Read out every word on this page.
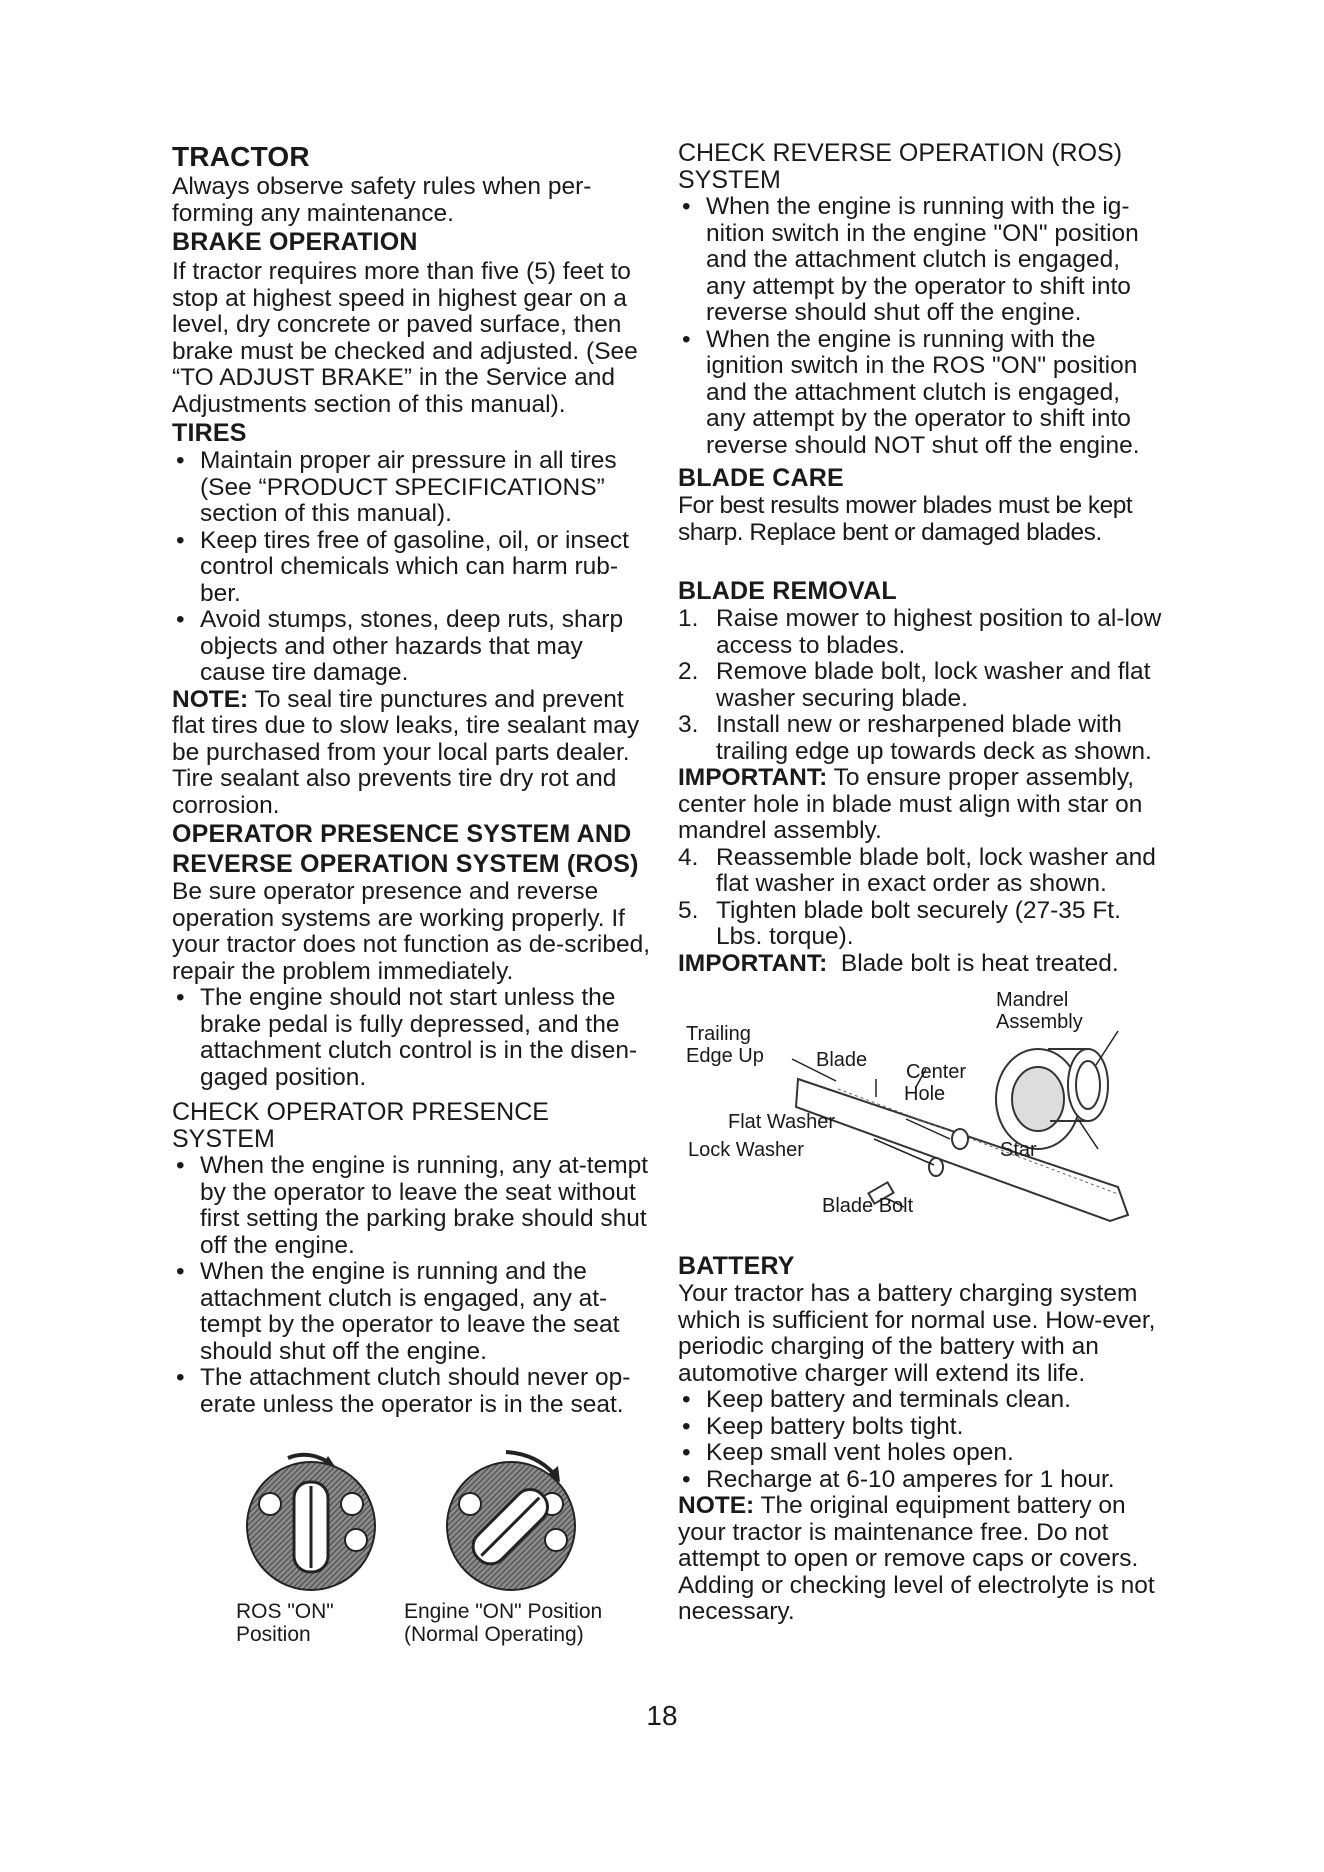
TRACTOR

Always observe safety rules when per-forming any maintenance.

BRAKE OPERATION

If tractor requires more than five (5) feet to stop at highest speed in highest gear on a level, dry concrete or paved surface, then brake must be checked and adjusted. (See “TO ADJUST BRAKE” in the Service and Adjustments section of this manual).

TIRES
• Maintain proper air pressure in all tires (See “PRODUCT SPECIFICATIONS” section of this manual).
• Keep tires free of gasoline, oil, or insect control chemicals which can harm rub-ber.
• Avoid stumps, stones, deep ruts, sharp objects and other hazards that may cause tire damage.

NOTE: To seal tire punctures and prevent flat tires due to slow leaks, tire sealant may be purchased from your local parts dealer. Tire sealant also prevents tire dry rot and corrosion.

OPERATOR PRESENCE SYSTEM AND REVERSE OPERATION SYSTEM (ROS)

Be sure operator presence and reverse operation systems are working properly. If your tractor does not function as de-scribed, repair the problem immediately.

• The engine should not start unless the brake pedal is fully depressed, and the attachment clutch control is in the disen-gaged position.

CHECK OPERATOR PRESENCE SYSTEM

• When the engine is running, any at-tempt by the operator to leave the seat without first setting the parking brake should shut off the engine.
• When the engine is running and the attachment clutch is engaged, any at-tempt by the operator to leave the seat should shut off the engine.
• The attachment clutch should never op-erate unless the operator is in the seat.
ROS "ON"
Position
Engine "ON" Position
(Normal Operating)

CHECK REVERSE OPERATION (ROS) SYSTEM

• When the engine is running with the ig-nition switch in the engine "ON" position and the attachment clutch is engaged, any attempt by the operator to shift into reverse should shut off the engine.
• When the engine is running with the ignition switch in the ROS "ON" position and the attachment clutch is engaged, any attempt by the operator to shift into reverse should NOT shut off the engine.
BLADE CARE

For best results mower blades must be kept sharp. Replace bent or damaged blades.

BLADE REMOVAL
1. Raise mower to highest position to al-low access to blades.
2. Remove blade bolt, lock washer and flat washer securing blade.
3. Install new or resharpened blade with trailing edge up towards deck as shown.

IMPORTANT: To ensure proper assembly, center hole in blade must align with star on mandrel assembly.

4. Reassemble blade bolt, lock washer and flat washer in exact order as shown.
5. Tighten blade bolt securely (27-35 Ft. Lbs. torque).

IMPORTANT:  Blade bolt is heat treated.

Mandrel
Assembly
Trailing
Edge Up	Blade
Center
Hole
Flat Washer
Lock Washer	Star
Blade Bolt
BATTERY

Your tractor has a battery charging system which is sufficient for normal use. How-ever, periodic charging of the battery with an automotive charger will extend its life.

• Keep battery and terminals clean.
• Keep battery bolts tight.
• Keep small vent holes open.
• Recharge at 6-10 amperes for 1 hour.

NOTE: The original equipment battery on your tractor is maintenance free. Do not attempt to open or remove caps or covers. Adding or checking level of electrolyte is not necessary.

18
